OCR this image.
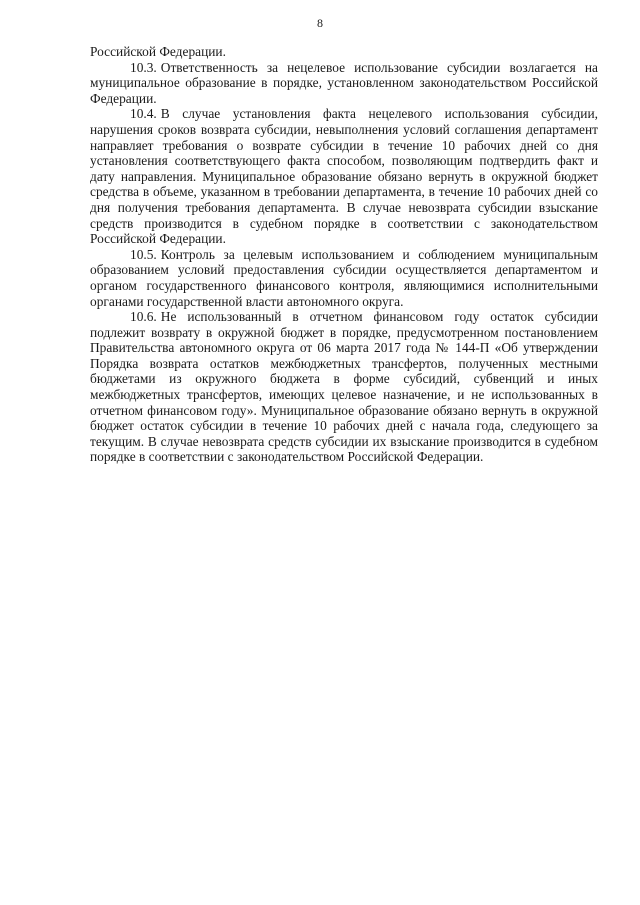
8

Российской Федерации.

10.3. Ответственность за нецелевое использование субсидии возлагается на муниципальное образование в порядке, установленном законодательством Российской Федерации.

10.4. В случае установления факта нецелевого использования субсидии, нарушения сроков возврата субсидии, невыполнения условий соглашения департамент направляет требования о возврате субсидии в течение 10 рабочих дней со дня установления соответствующего факта способом, позволяющим подтвердить факт и дату направления. Муниципальное образование обязано вернуть в окружной бюджет средства в объеме, указанном в требовании департамента, в течение 10 рабочих дней со дня получения требования департамента. В случае невозврата субсидии взыскание средств производится в судебном порядке в соответствии с законодательством Российской Федерации.

10.5. Контроль за целевым использованием и соблюдением муниципальным образованием условий предоставления субсидии осуществляется департаментом и органом государственного финансового контроля, являющимися исполнительными органами государственной власти автономного округа.

10.6. Не использованный в отчетном финансовом году остаток субсидии подлежит возврату в окружной бюджет в порядке, предусмотренном постановлением Правительства автономного округа от 06 марта 2017 года № 144-П «Об утверждении Порядка возврата остатков межбюджетных трансфертов, полученных местными бюджетами из окружного бюджета в форме субсидий, субвенций и иных межбюджетных трансфертов, имеющих целевое назначение, и не использованных в отчетном финансовом году». Муниципальное образование обязано вернуть в окружной бюджет остаток субсидии в течение 10 рабочих дней с начала года, следующего за текущим. В случае невозврата средств субсидии их взыскание производится в судебном порядке в соответствии с законодательством Российской Федерации.
